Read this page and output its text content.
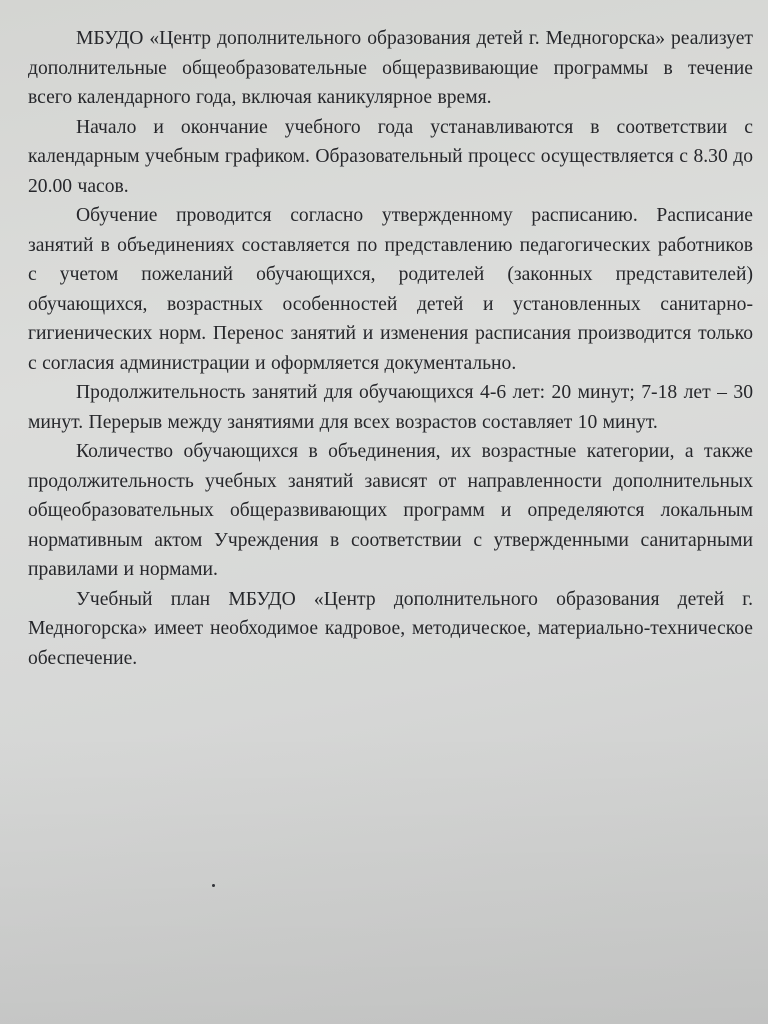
МБУДО «Центр дополнительного образования детей г. Медногорска» реализует дополнительные общеобразовательные общеразвивающие программы в течение всего календарного года, включая каникулярное время.

Начало и окончание учебного года устанавливаются в соответствии с календарным учебным графиком. Образовательный процесс осуществляется с 8.30 до 20.00 часов.

Обучение проводится согласно утвержденному расписанию. Расписание занятий в объединениях составляется по представлению педагогических работников с учетом пожеланий обучающихся, родителей (законных представителей) обучающихся, возрастных особенностей детей и установленных санитарно-гигиенических норм. Перенос занятий и изменения расписания производится только с согласия администрации и оформляется документально.

Продолжительность занятий для обучающихся 4-6 лет: 20 минут; 7-18 лет – 30 минут. Перерыв между занятиями для всех возрастов составляет 10 минут.

Количество обучающихся в объединения, их возрастные категории, а также продолжительность учебных занятий зависят от направленности дополнительных общеобразовательных общеразвивающих программ и определяются локальным нормативным актом Учреждения в соответствии с утвержденными санитарными правилами и нормами.

Учебный план МБУДО «Центр дополнительного образования детей г. Медногорска» имеет необходимое кадровое, методическое, материально-техническое обеспечение.
